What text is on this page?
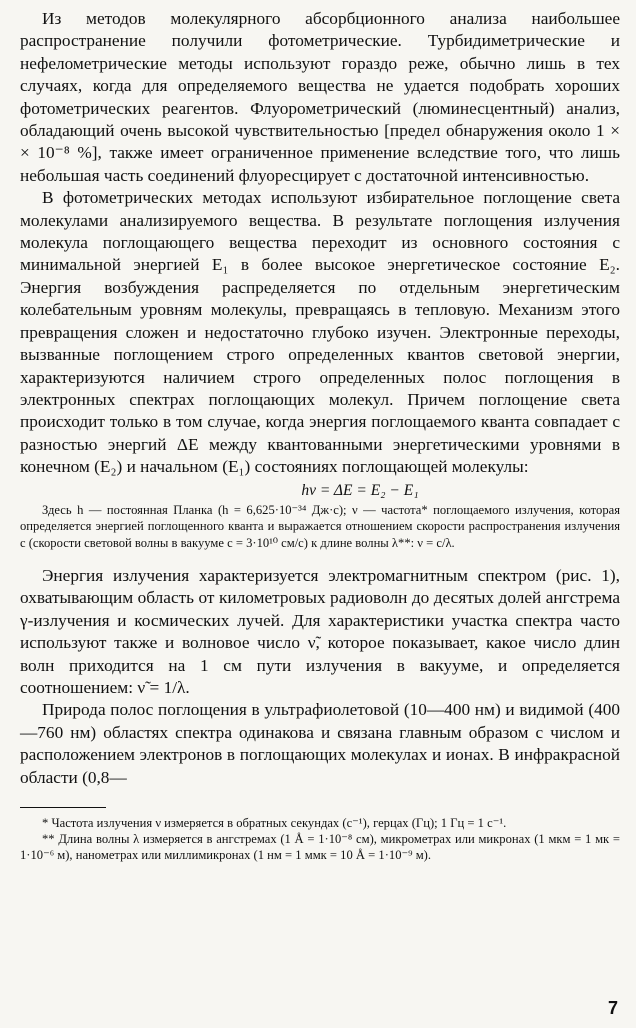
Из методов молекулярного абсорбционного анализа наибольшее распространение получили фотометрические. Турбидиметрические и нефелометрические методы используют гораздо реже, обычно лишь в тех случаях, когда для определяемого вещества не удается подобрать хороших фотометрических реагентов. Флуорометрический (люминесцентный) анализ, обладающий очень высокой чувствительностью [предел обнаружения около 1 × × 10⁻⁸ %], также имеет ограниченное применение вследствие того, что лишь небольшая часть соединений флуоресцирует с достаточной интенсивностью.

В фотометрических методах используют избирательное поглощение света молекулами анализируемого вещества. В результате поглощения излучения молекула поглощающего вещества переходит из основного состояния с минимальной энергией E₁ в более высокое энергетическое состояние E₂. Энергия возбуждения распределяется по отдельным энергетическим колебательным уровням молекулы, превращаясь в тепловую. Механизм этого превращения сложен и недостаточно глубоко изучен. Электронные переходы, вызванные поглощением строго определенных квантов световой энергии, характеризуются наличием строго определенных полос поглощения в электронных спектрах поглощающих молекул. Причем поглощение света происходит только в том случае, когда энергия поглощаемого кванта совпадает с разностью энергий ΔE между квантованными энергетическими уровнями в конечном (E₂) и начальном (E₁) состояниях поглощающей молекулы:

hν = ΔE = E₂ − E₁

Здесь h — постоянная Планка (h = 6,625·10⁻³⁴ Дж·с); ν — частота* поглощаемого излучения, которая определяется энергией поглощенного кванта и выражается отношением скорости распространения излучения c (скорости световой волны в вакууме c = 3·10¹⁰ см/с) к длине волны λ**: ν = c/λ.

Энергия излучения характеризуется электромагнитным спектром (рис. 1), охватывающим область от километровых радиоволн до десятых долей ангстрема γ-излучения и космических лучей. Для характеристики участка спектра часто используют также и волновое число ν̃, которое показывает, какое число длин волн приходится на 1 см пути излучения в вакууме, и определяется соотношением: ν̃ = 1/λ.

Природа полос поглощения в ультрафиолетовой (10—400 нм) и видимой (400—760 нм) областях спектра одинакова и связана главным образом с числом и расположением электронов в поглощающих молекулах и ионах. В инфракрасной области (0,8—

* Частота излучения ν измеряется в обратных секундах (с⁻¹), герцах (Гц); 1 Гц = 1 с⁻¹.

** Длина волны λ измеряется в ангстремах (1 Å = 1·10⁻⁸ см), микрометрах или микронах (1 мкм = 1 мк = 1·10⁻⁶ м), нанометрах или миллимикронах (1 нм = 1 ммк = 10 Å = 1·10⁻⁹ м).

7
